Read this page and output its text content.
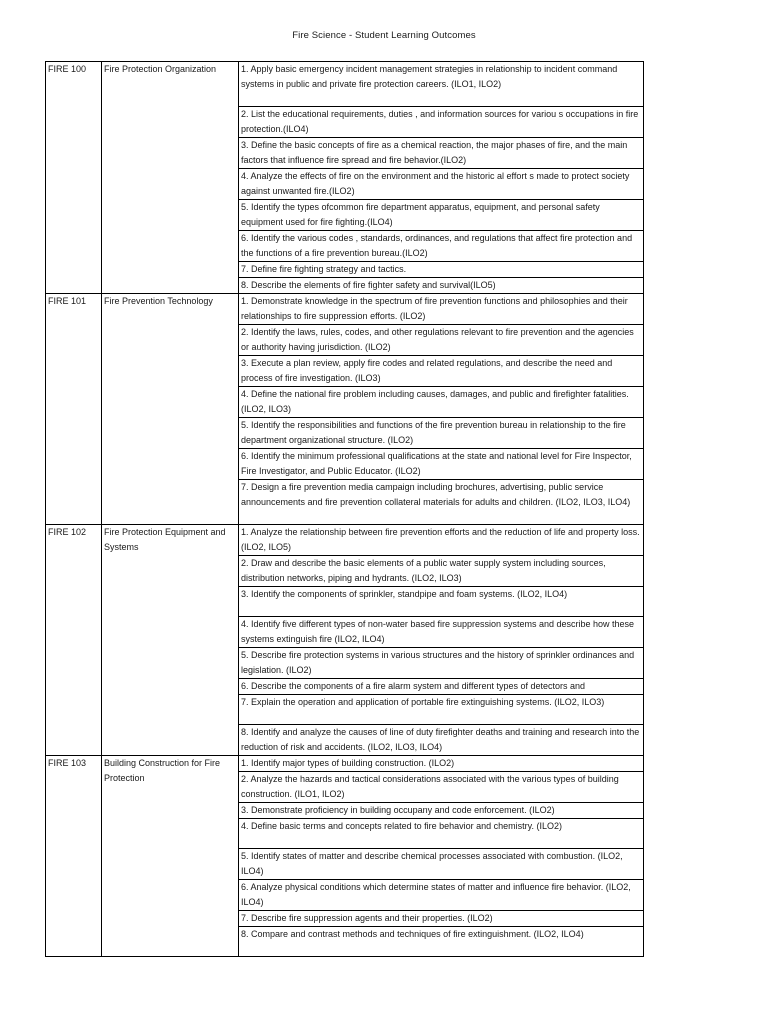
Fire Science - Student Learning Outcomes
FIRE 100	Fire Protection Organization	1. Apply basic emergency incident management strategies in relationship to incident command systems in public and private fire protection careers. (ILO1, ILO2)
		2. List the educational requirements, duties , and information sources for variou s occupations in fire protection.(ILO4)
		3. Define the basic concepts of fire as a chemical reaction, the major phases of fire, and the main factors that influence fire spread and fire behavior.(ILO2)
		4. Analyze the effects of fire on the environment and the historic al effort s made to protect society against unwanted fire.(ILO2)
		5. Identify the types ofcommon fire department apparatus, equipment, and personal safety equipment used for fire fighting.(ILO4)
		6. Identify the various codes , standards, ordinances, and regulations that affect fire protection and the functions of a fire prevention bureau.(ILO2)
		7. Define fire fighting strategy and tactics.
		8. Describe the elements of fire fighter safety and survival(ILO5)
FIRE 101	Fire Prevention Technology	1. Demonstrate knowledge in the spectrum of fire prevention functions and philosophies and their relationships to fire suppression efforts. (ILO2)
		2. Identify the laws, rules, codes, and other regulations relevant to fire prevention and the agencies or authority having jurisdiction. (ILO2)
		3. Execute a plan review, apply fire codes and related regulations, and describe the need and process of fire investigation. (ILO3)
		4. Define the national fire problem including causes, damages, and public and firefighter fatalities. (ILO2, ILO3)
		5. Identify the responsibilities and functions of the fire prevention bureau in relationship to the fire department organizational structure. (ILO2)
		6. Identify the minimum professional qualifications at the state and national level for Fire Inspector, Fire Investigator, and Public Educator. (ILO2)
		7. Design a fire prevention media campaign including brochures, advertising, public service announcements and fire prevention collateral materials for adults and children. (ILO2, ILO3, ILO4)
FIRE 102	Fire Protection Equipment and Systems	1. Analyze the relationship between fire prevention efforts and the reduction of life and property loss. (ILO2, ILO5)
		2. Draw and describe the basic elements of a public water supply system including sources, distribution networks, piping and hydrants. (ILO2, ILO3)
		3. Identify the components of sprinkler, standpipe and foam systems. (ILO2, ILO4)
		4. Identify five different types of non-water based fire suppression systems and describe how these systems extinguish fire (ILO2, ILO4)
		5. Describe fire protection systems in various structures and the history of sprinkler ordinances and legislation. (ILO2)
		6. Describe the components of a fire alarm system and different types of detectors and
		7. Explain the operation and application of portable fire extinguishing systems. (ILO2, ILO3)
		8. Identify and analyze the causes of line of duty firefighter deaths and training and research into the reduction of risk and accidents. (ILO2, ILO3, ILO4)
FIRE 103	Building Construction for Fire Protection	1. Identify major types of building construction. (ILO2)
		2. Analyze the hazards and tactical considerations associated with the various types of building construction. (ILO1, ILO2)
		3. Demonstrate proficiency in building occupany and code enforcement. (ILO2)
		4. Define basic terms and concepts related to fire behavior and chemistry. (ILO2)
		5. Identify states of matter and describe chemical processes associated with combustion. (ILO2, ILO4)
		6. Analyze physical conditions which determine states of matter and influence fire behavior. (ILO2, ILO4)
		7. Describe fire suppression agents and their properties. (ILO2)
		8. Compare and contrast methods and techniques of fire extinguishment. (ILO2, ILO4)
